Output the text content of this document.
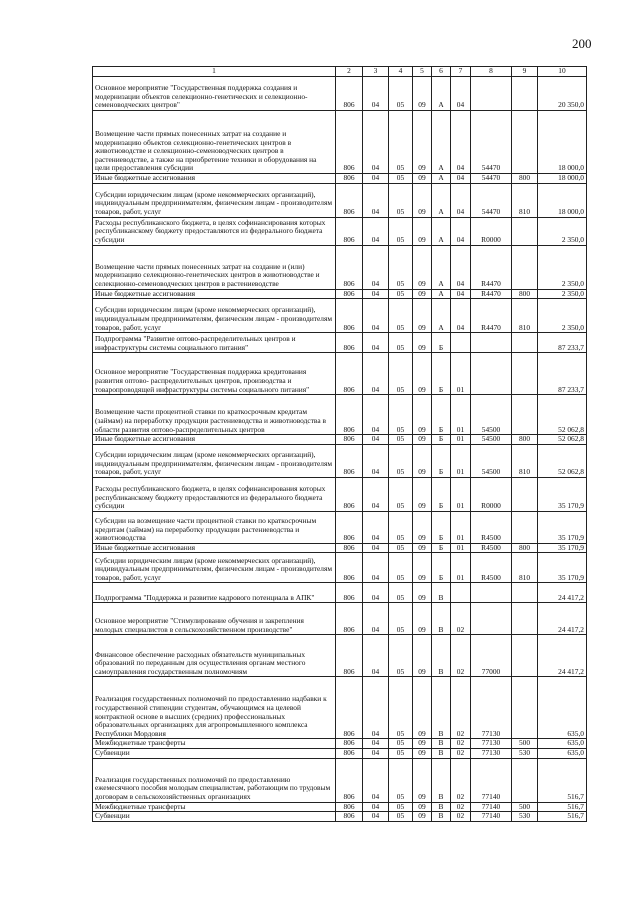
200
1	2	3	4	5	6	7	8	9	10
Основное мероприятие "Государственная поддержка создания и модернизации объектов селекционно-генетических и селекционно-семеноводческих центров"	806	04	05	09	А	04			20 350,0
Возмещение части прямых понесенных затрат на создание и модернизацию объектов селекционно-генетических центров в животноводстве и селекционно-семеноводческих центров в растениеводстве, а также на приобретение техники и оборудования на цели предоставления субсидии	806	04	05	09	А	04	54470		18 000,0
Иные бюджетные ассигнования	806	04	05	09	А	04	54470	800	18 000,0
Субсидии юридическим лицам (кроме некоммерческих организаций), индивидуальным предпринимателям, физическим лицам - производителям товаров, работ, услуг	806	04	05	09	А	04	54470	810	18 000,0
Расходы республиканского бюджета, в целях софинансирования которых республиканскому бюджету предоставляются из федерального бюджета субсидии	806	04	05	09	А	04	R0000		2 350,0
Возмещение части прямых понесенных затрат на создание и (или) модернизацию селекционно-генетических центров в животноводстве и селекционно-семеноводческих центров в растениеводстве	806	04	05	09	А	04	R4470		2 350,0
Иные бюджетные ассигнования	806	04	05	09	А	04	R4470	800	2 350,0
Субсидии юридическим лицам (кроме некоммерческих организаций), индивидуальным предпринимателям, физическим лицам - производителям товаров, работ, услуг	806	04	05	09	А	04	R4470	810	2 350,0
Подпрограмма "Развитие оптово-распределительных центров и инфраструктуры системы социального питания"	806	04	05	09	Б				87 233,7
Основное мероприятие "Государственная поддержка кредитования развития оптово- распределительных центров, производства и товаропроводящей инфраструктуры системы социального питания"	806	04	05	09	Б	01			87 233,7
Возмещение части процентной ставки по краткосрочным кредитам (займам) на переработку продукции растениеводства и животноводства в области развития оптово-распределительных центров	806	04	05	09	Б	01	54500		52 062,8
Иные бюджетные ассигнования	806	04	05	09	Б	01	54500	800	52 062,8
Субсидии юридическим лицам (кроме некоммерческих организаций), индивидуальным предпринимателям, физическим лицам - производителям товаров, работ, услуг	806	04	05	09	Б	01	54500	810	52 062,8
Расходы республиканского бюджета, в целях софинансирования которых республиканскому бюджету предоставляются из федерального бюджета субсидии	806	04	05	09	Б	01	R0000		35 170,9
Субсидии на возмещение части процентной ставки по краткосрочным кредитам (займам) на переработку продукции растениеводства и животноводства	806	04	05	09	Б	01	R4500		35 170,9
Иные бюджетные ассигнования	806	04	05	09	Б	01	R4500	800	35 170,9
Субсидии юридическим лицам (кроме некоммерческих организаций), индивидуальным предпринимателям, физическим лицам - производителям товаров, работ, услуг	806	04	05	09	Б	01	R4500	810	35 170,9
Подпрограмма "Поддержка и развитие кадрового потенциала в АПК"	806	04	05	09	В				24 417,2
Основное мероприятие "Стимулирование обучения и закрепления молодых специалистов в сельскохозяйственном производстве"	806	04	05	09	В	02			24 417,2
Финансовое обеспечение расходных обязательств муниципальных образований по переданным для осуществления органам местного самоуправления государственным полномочиям	806	04	05	09	В	02	77000		24 417,2
Реализация государственных полномочий по предоставлению надбавки к государственной стипендии студентам, обучающимся на целевой контрактной основе в высших (средних) профессиональных образовательных организациях для агропромышленного комплекса Республики Мордовия	806	04	05	09	В	02	77130		635,0
Межбюджетные трансферты	806	04	05	09	В	02	77130	500	635,0
Субвенции	806	04	05	09	В	02	77130	530	635,0
Реализация государственных полномочий по предоставлению ежемесячного пособия молодым специалистам, работающим по трудовым договорам в сельскохозяйственных организациях	806	04	05	09	В	02	77140		516,7
Межбюджетные трансферты	806	04	05	09	В	02	77140	500	516,7
Субвенции	806	04	05	09	В	02	77140	530	516,7
